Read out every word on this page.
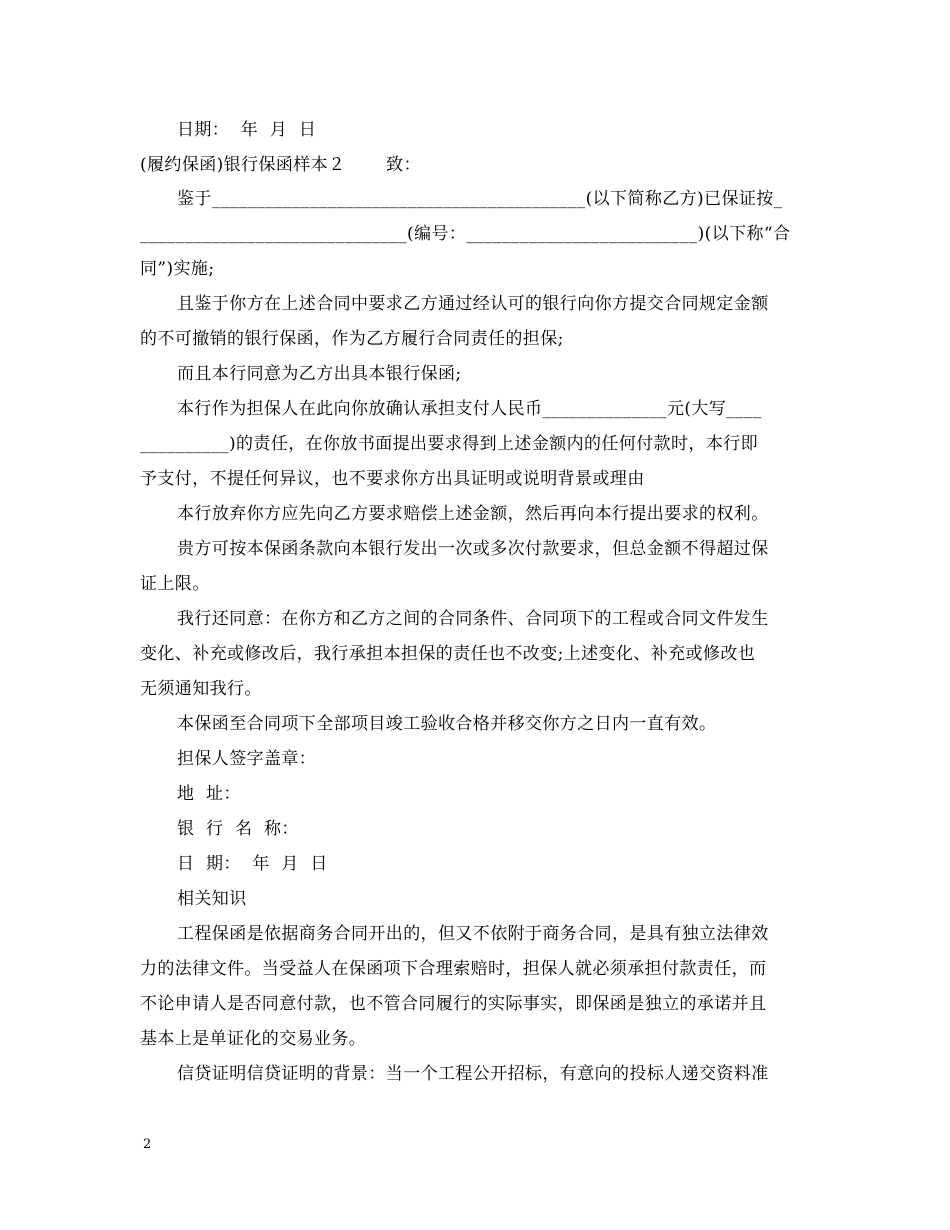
日期：  年  月  日
(履约保函)银行保函样本２       致：
鉴于__________________________________________(以下简称乙方)已保证按_
______________________________(编号：__________________________)(以下称“合
同”)实施;
且鉴于你方在上述合同中要求乙方通过经认可的银行向你方提交合同规定金额
的不可撤销的银行保函，作为乙方履行合同责任的担保;
而且本行同意为乙方出具本银行保函;
本行作为担保人在此向你放确认承担支付人民币______________元(大写____
__________)的责任，在你放书面提出要求得到上述金额内的任何付款时，本行即
予支付，不提任何异议，也不要求你方出具证明或说明背景或理由
本行放弃你方应先向乙方要求赔偿上述金额，然后再向本行提出要求的权利。
贵方可按本保函条款向本银行发出一次或多次付款要求，但总金额不得超过保
证上限。
我行还同意：在你方和乙方之间的合同条件、合同项下的工程或合同文件发生
变化、补充或修改后，我行承担本担保的责任也不改变;上述变化、补充或修改也
无须通知我行。
本保函至合同项下全部项目竣工验收合格并移交你方之日内一直有效。
担保人签字盖章：
地  址：
银  行  名  称：
日  期：  年  月  日
相关知识
工程保函是依据商务合同开出的，但又不依附于商务合同，是具有独立法律效
力的法律文件。当受益人在保函项下合理索赔时，担保人就必须承担付款责任，而
不论申请人是否同意付款，也不管合同履行的实际事实，即保函是独立的承诺并且
基本上是单证化的交易业务。
信贷证明信贷证明的背景：当一个工程公开招标，有意向的投标人递交资料准
2
